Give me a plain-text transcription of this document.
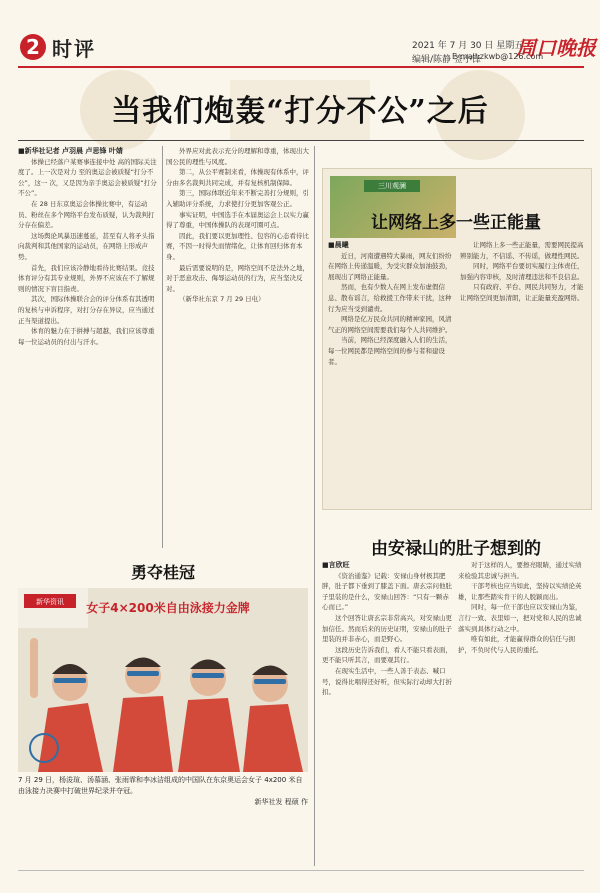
2 时评	2021 年 7 月 30 日 星期五
编辑/陈静 签小锋 周口晚报
E-mail:zkwb@126.com
当我们炮轰“打分不公”之后
■新华社记者 卢羽晨 卢思锋 叶婧

体操已经落户某赛事连接中处 高的国际关注度了。上一次是对力 至的奥运会被质疑“打分不公”，这一 次，又是因为亲手奥运会被质疑“打分不公”。

在 28 日东京奥运会体操比赛中，有运动员、粉丝在多个网络平台发布质疑，认为裁判打分存在偏差。

这场舆论风暴迅速蔓延，甚至有人将矛头指向裁判和其他国家的运动员，在网络上形成声势。

首先，我们应该冷静地看待比赛结果。竞技体育评分有其专业规则，外界不应该在不了解规则的情况下盲目指责。

其次，国际体操联合会的评分体系有其透明的复核与申诉程序，对打分存在异议，应当通过正当渠道提出。

体育的魅力在于拼搏与超越，我们应该尊重每一位运动员的付出与汗水。

外界应对此表示充分的理解和尊重，体现出大国公民的理性与风度。

第二，从公平赛制来看，体操现有体系中，评分由多名裁判共同完成，并有复核机制保障。

第三，国际体联近年来不断完善打分规则，引入辅助评分系统，力求使打分更加客观公正。

事实证明，中国选手在本届奥运会上以实力赢得了尊重，中国体操队的表现可圈可点。

因此，我们要以更加理性、包容的心态看待比赛，不因一时得失而情绪化，让体育回归体育本身。

最后需要说明的是，网络空间不是法外之地，对于恶意攻击、侮辱运动员的行为，应当坚决反对。

（新华社东京 7 月 29 日电）

三川观澜
让网络上多一些正能量
■晨曦

近日，河南遭遇特大暴雨，网友们纷纷在网络上传递温暖，为受灾群众加油鼓劲，展现出了网络正能量。

然而，也有少数人在网上发布虚假信息、散布谣言，给救援工作带来干扰，这种行为应当受到谴责。

网络是亿万民众共同的精神家园，风清气正的网络空间需要我们每个人共同维护。

当前，网络已经深度融入人们的生活，每一位网民都是网络空间的参与者和建设者。

让网络上多一些正能量，需要网民提高辨别能力，不信谣、不传谣，做理性网民。

同时，网络平台要切实履行主体责任，加强内容审核，及时清理违法和不良信息。

只有政府、平台、网民共同努力，才能让网络空间更加清朗，让正能量充盈网络。

由安禄山的肚子想到的
■言欣旺

《资治通鉴》记载：安禄山身材极其肥胖，肚子都下垂到了膝盖下面。唐玄宗问他肚子里装的是什么，安禄山回答：“只有一颗赤心而已。”

这个回答让唐玄宗非常高兴，对安禄山更加信任。然而后来的历史证明，安禄山的肚子里装的并非赤心，而是野心。

这段历史告诉我们，看人不能只看表面，更不能只听其言，而要观其行。

在现实生活中，一些人善于表态、喊口号，说得比唱得还好听，但实际行动却大打折扣。

对于这样的人，要擦亮眼睛，通过实绩来检验其忠诚与担当。

干部考核也应当如此，坚持以实绩论英雄，让那些踏实肯干的人脱颖而出。

同时，每一位干部也应以安禄山为鉴，言行一致、表里如一，把对党和人民的忠诚落实到具体行动之中。

唯有如此，才能赢得群众的信任与拥护，不负时代与人民的重托。

勇夺桂冠
新华资讯 女子4×200米自由泳接力金牌
7 月 29 日，杨浚瑄、汤慕涵、张雨霏和李冰洁组成的中国队在东京奥运会女子 4x200 米自由泳接力决赛中打破世界纪录并夺冠。
新华社发 程硕 作
